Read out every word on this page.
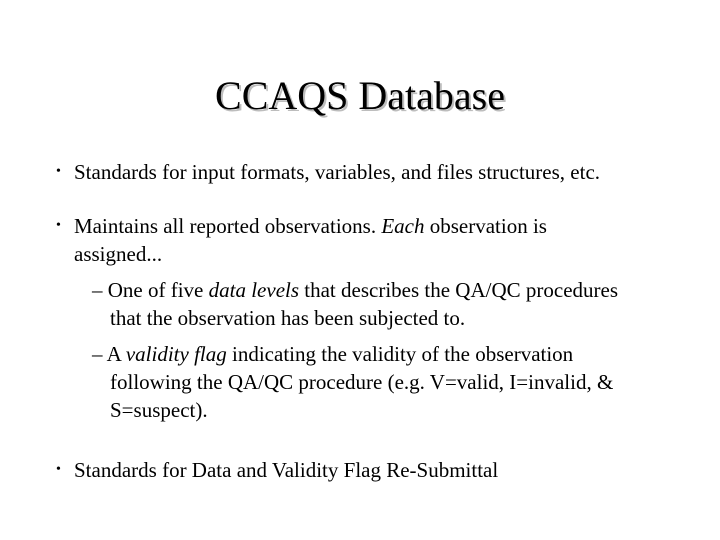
CCAQS Database
• Standards for input formats, variables, and files structures, etc.
• Maintains all reported observations. Each observation is
assigned...
– One of five data levels that describes the QA/QC procedures
that the observation has been subjected to.
– A validity flag indicating the validity of the observation
following the QA/QC procedure (e.g. V=valid, I=invalid, &
S=suspect).
• Standards for Data and Validity Flag Re-Submittal
